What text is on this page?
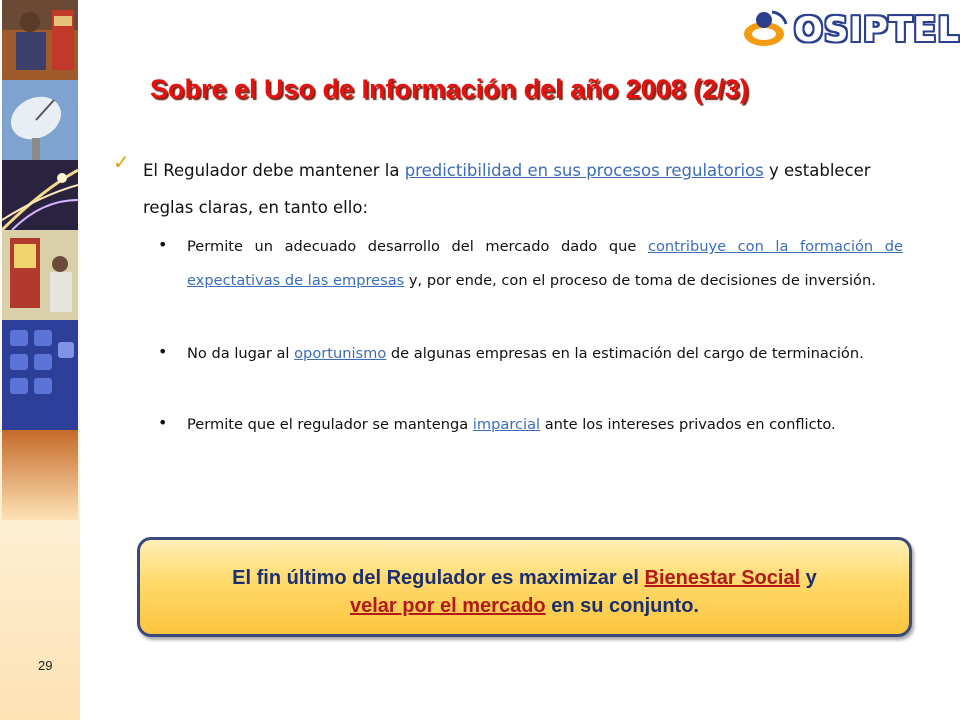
OSIPTEL
Sobre el Uso de Información del año 2008 (2/3)
✓ El Regulador debe mantener la predictibilidad en sus procesos regulatorios y establecer reglas claras, en tanto ello:
• Permite un adecuado desarrollo del mercado dado que contribuye con la formación de expectativas de las empresas y, por ende, con el proceso de toma de decisiones de inversión.
• No da lugar al oportunismo de algunas empresas en la estimación del cargo de terminación.
• Permite que el regulador se mantenga imparcial ante los intereses privados en conflicto.
El fin último del Regulador es maximizar el Bienestar Social y
velar por el mercado en su conjunto.
29
